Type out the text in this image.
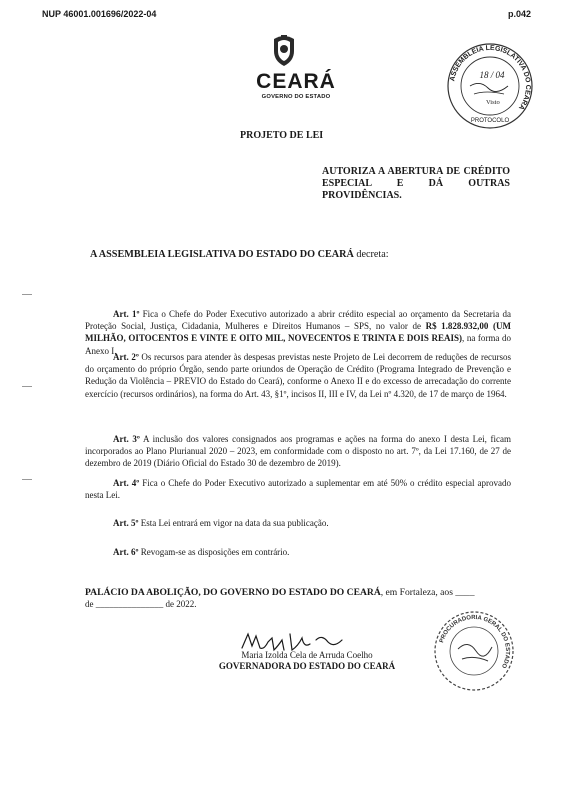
NUP 46001.001696/2022-04	p.042
CEARÁ
GOVERNO DO ESTADO
ASSEMBLEIA LEGISLATIVA DO CEARÁ
PROTOCOLO
18 / 04
Visto
PROJETO DE LEI
AUTORIZA A ABERTURA DE CRÉDITO ESPECIAL E DÁ OUTRAS PROVIDÊNCIAS.
A ASSEMBLEIA LEGISLATIVA DO ESTADO DO CEARÁ decreta:

Art. 1º Fica o Chefe do Poder Executivo autorizado a abrir crédito especial ao orçamento da Secretaria da Proteção Social, Justiça, Cidadania, Mulheres e Direitos Humanos – SPS, no valor de R$ 1.828.932,00 (UM MILHÃO, OITOCENTOS E VINTE E OITO MIL, NOVECENTOS E TRINTA E DOIS REAIS), na forma do Anexo I.

Art. 2º Os recursos para atender às despesas previstas neste Projeto de Lei decorrem de reduções de recursos do orçamento do próprio Órgão, sendo parte oriundos de Operação de Crédito (Programa Integrado de Prevenção e Redução da Violência – PREVIO do Estado do Ceará), conforme o Anexo II e do excesso de arrecadação do corrente exercício (recursos ordinários), na forma do Art. 43, §1º, incisos II, III e IV, da Lei nº 4.320, de 17 de março de 1964.

Art. 3º A inclusão dos valores consignados aos programas e ações na forma do anexo I desta Lei, ficam incorporados ao Plano Plurianual 2020 – 2023, em conformidade com o disposto no art. 7º, da Lei 17.160, de 27 de dezembro de 2019 (Diário Oficial do Estado 30 de dezembro de 2019).

Art. 4º Fica o Chefe do Poder Executivo autorizado a suplementar em até 50% o crédito especial aprovado nesta Lei.

Art. 5º Esta Lei entrará em vigor na data da sua publicação.

Art. 6º Revogam-se as disposições em contrário.

PALÁCIO DA ABOLIÇÃO, DO GOVERNO DO ESTADO DO CEARÁ, em Fortaleza, aos ____
de _______________ de 2022.
Maria Izolda Cela de Arruda Coelho
GOVERNADORA DO ESTADO DO CEARÁ
PROCURADORIA GERAL DO ESTADO
